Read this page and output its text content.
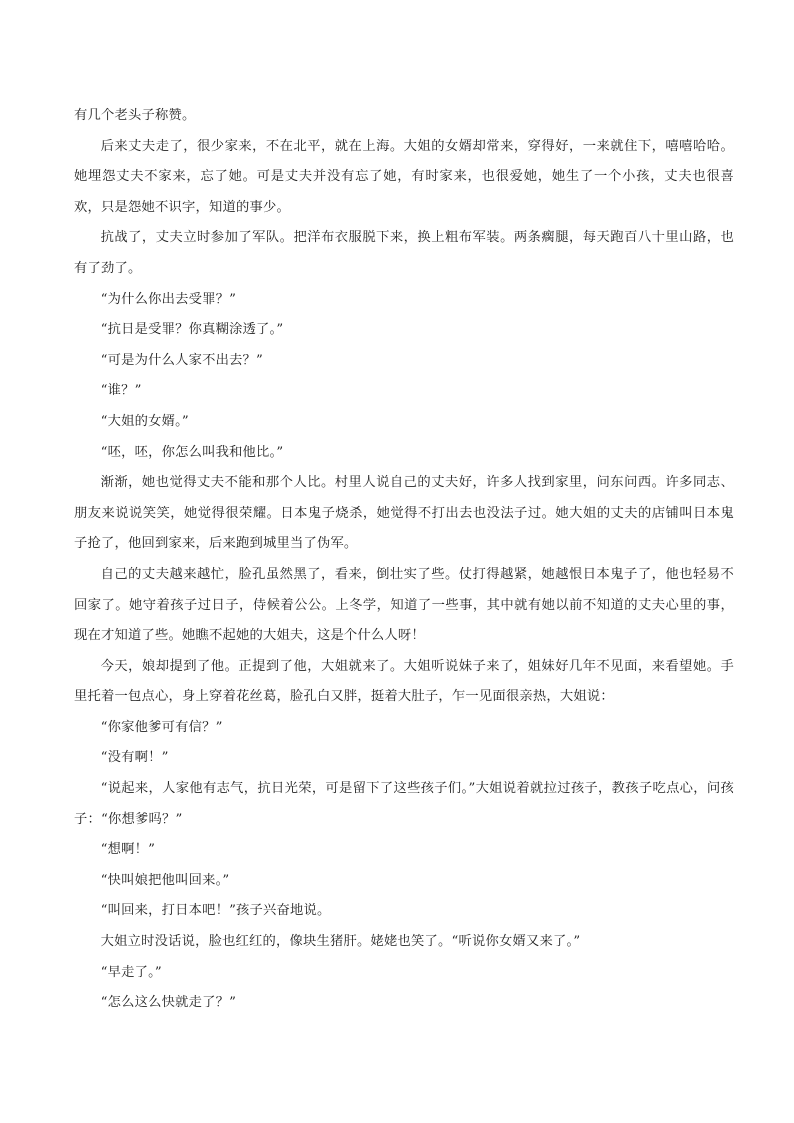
有几个老头子称赞。

后来丈夫走了，很少家来，不在北平，就在上海。大姐的女婿却常来，穿得好，一来就住下，嘻嘻哈哈。她埋怨丈夫不家来，忘了她。可是丈夫并没有忘了她，有时家来，也很爱她，她生了一个小孩，丈夫也很喜欢，只是怨她不识字，知道的事少。

抗战了，丈夫立时参加了军队。把洋布衣服脱下来，换上粗布军装。两条瘸腿，每天跑百八十里山路，也有了劲了。

“为什么你出去受罪？”

“抗日是受罪？你真糊涂透了。”

“可是为什么人家不出去？”

“谁？”

“大姐的女婿。”

“呸，呸，你怎么叫我和他比。”

渐渐，她也觉得丈夫不能和那个人比。村里人说自己的丈夫好，许多人找到家里，问东问西。许多同志、朋友来说说笑笑，她觉得很荣耀。日本鬼子烧杀，她觉得不打出去也没法子过。她大姐的丈夫的店铺叫日本鬼子抢了，他回到家来，后来跑到城里当了伪军。

自己的丈夫越来越忙，脸孔虽然黑了，看来，倒壮实了些。仗打得越紧，她越恨日本鬼子了，他也轻易不回家了。她守着孩子过日子，侍候着公公。上冬学，知道了一些事，其中就有她以前不知道的丈夫心里的事，现在才知道了些。她瞧不起她的大姐夫，这是个什么人呀！

今天，娘却提到了他。正提到了他，大姐就来了。大姐听说妹子来了，姐妹好几年不见面，来看望她。手里托着一包点心，身上穿着花丝葛，脸孔白又胖，挺着大肚子，乍一见面很亲热，大姐说：

“你家他爹可有信？”

“没有啊！”

“说起来，人家他有志气，抗日光荣，可是留下了这些孩子们。”大姐说着就拉过孩子，教孩子吃点心，问孩子：“你想爹吗？”

“想啊！”

“快叫娘把他叫回来。”

“叫回来，打日本吧！”孩子兴奋地说。

大姐立时没话说，脸也红红的，像块生猪肝。姥姥也笑了。“听说你女婿又来了。”

“早走了。”

“怎么这么快就走了？”
